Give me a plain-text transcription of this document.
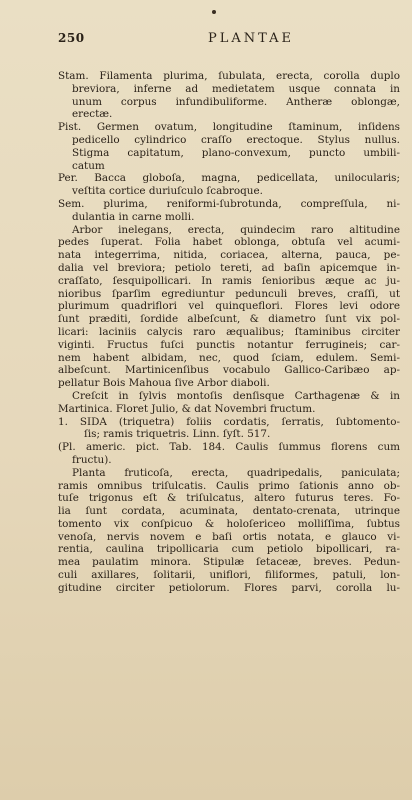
250	PLANTAE
Stam. Filamenta plurima, ſubulata, erecta, corolla duplo
breviora, inferne ad medietatem usque connata in
unum corpus infundibuliforme. Antheræ oblongæ,
erectæ.
Pist. Germen ovatum, longitudine ſtaminum, inſidens
pedicello cylindrico craſſo erectoque. Stylus nullus.
Stigma capitatum, plano-convexum, puncto umbili-
catum
Per. Bacca globoſa, magna, pedicellata, unilocularis;
veſtita cortice duriuſculo ſcabroque.
Sem. plurima, reniformi-ſubrotunda, compreſſula, ni-
dulantia in carne molli.
Arbor inelegans, erecta, quindecim raro altitudine
pedes ſuperat. Folia habet oblonga, obtuſa vel acumi-
nata integerrima, nitida, coriacea, alterna, pauca, pe-
dalia vel breviora; petiolo tereti, ad baſin apicemque in-
craſſato, ſesquipollicari. In ramis ſenioribus æque ac ju-
nioribus ſparſim egrediuntur pedunculi breves, craſſi, ut
plurimum quadriflori vel quinqueflori. Flores levi odore
ſunt præditi, ſordide albeſcunt, & diametro ſunt vix pol-
licari: laciniis calycis raro æqualibus; ſtaminibus circiter
viginti. Fructus fuſci punctis notantur ferrugineis; car-
nem habent albidam, nec, quod ſciam, edulem. Semi-
albeſcunt. Martinicenſibus vocabulo Gallico-Caribæo ap-
pellatur Bois Mahoua ſive Arbor diaboli.
Creſcit in ſylvis montoſis denſisque Carthagenæ & in
Martinica. Floret Julio, & dat Novembri fructum.
1. SIDA (triquetra) foliis cordatis, ſerratis, ſubtomento-
ſis; ramis triquetris. Linn. ſyſt. 517.
(Pl. americ. pict. Tab. 184. Caulis ſummus florens cum
fructu).
Planta fruticoſa, erecta, quadripedalis, paniculata;
ramis omnibus triſulcatis. Caulis primo ſationis anno ob-
tuſe trigonus eſt & triſulcatus, altero futurus teres. Fo-
lia ſunt cordata, acuminata, dentato-crenata, utrinque
tomento vix conſpicuo & holoſericeo molliſſima, ſubtus
venoſa, nervis novem e baſi ortis notata, e glauco vi-
rentia, caulina tripollicaria cum petiolo bipollicari, ra-
mea paulatim minora. Stipulæ ſetaceæ, breves. Pedun-
culi axillares, ſolitarii, uniflori, filiformes, patuli, lon-
gitudine circiter petiolorum. Flores parvi, corolla lu-
